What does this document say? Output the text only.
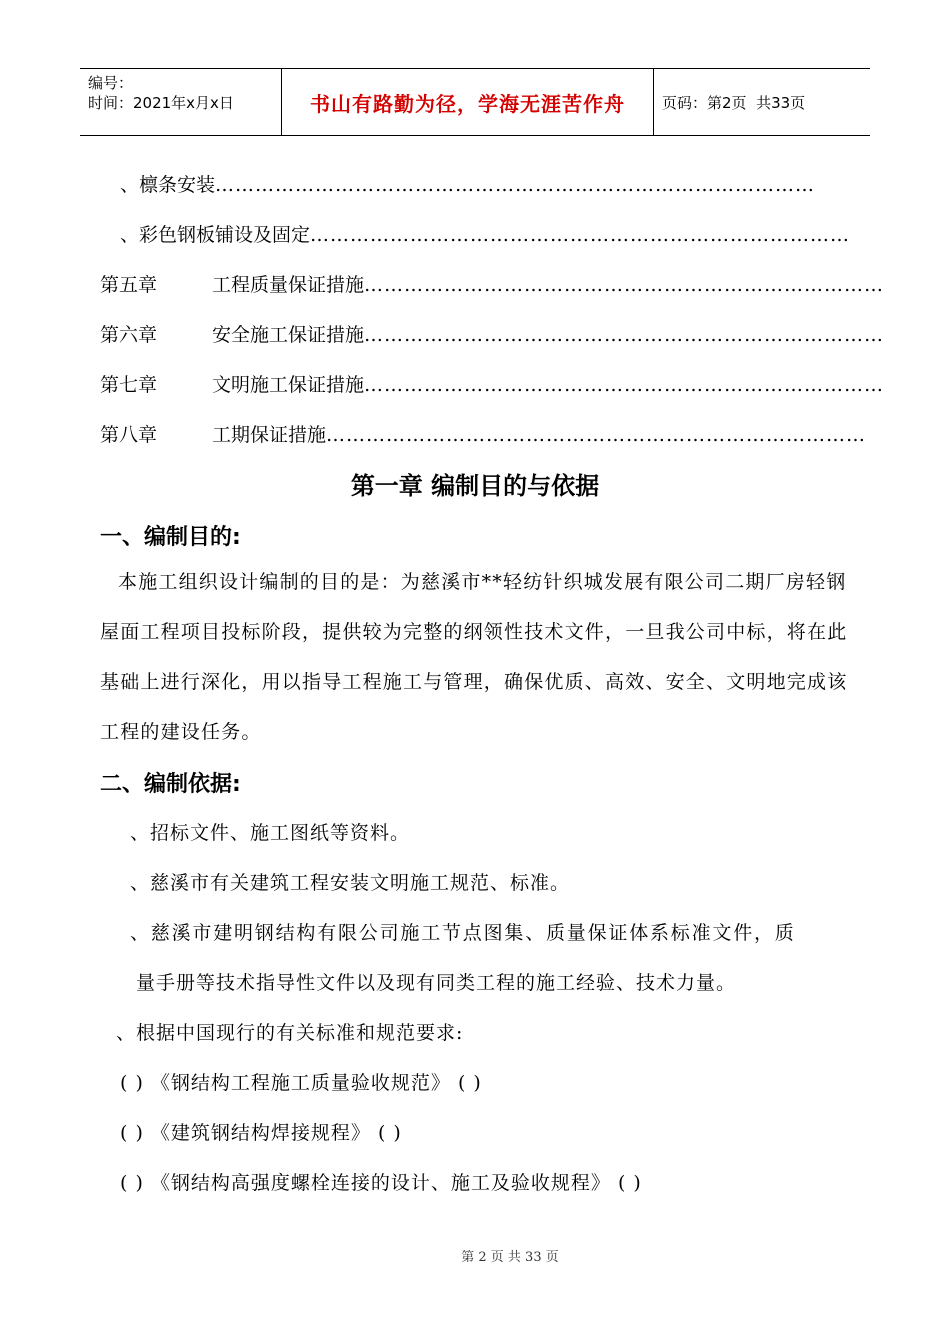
编号：
时间：2021年x月x日	书山有路勤为径，学海无涯苦作舟	页码：第2页  共33页
、檩条安装………………………………………………………………………………
、彩色钢板铺设及固定………………………………………………………………………
第五章	工程质量保证措施……………………………………………………………………
第六章	安全施工保证措施……………………………………………………………………
第七章	文明施工保证措施……………………………………………………………………
第八章	工期保证措施………………………………………………………………………
第一章 编制目的与依据
一、编制目的:
本施工组织设计编制的目的是：为慈溪市**轻纺针织城发展有限公司二期厂房轻钢屋面工程项目投标阶段，提供较为完整的纲领性技术文件，一旦我公司中标，将在此基础上进行深化，用以指导工程施工与管理，确保优质、高效、安全、文明地完成该工程的建设任务。
二、编制依据:
、招标文件、施工图纸等资料。
、慈溪市有关建筑工程安装文明施工规范、标准。
、慈溪市建明钢结构有限公司施工节点图集、质量保证体系标准文件，质
量手册等技术指导性文件以及现有同类工程的施工经验、技术力量。
、根据中国现行的有关标准和规范要求:
( ) 《钢结构工程施工质量验收规范》 ( )
( ) 《建筑钢结构焊接规程》 ( )
( ) 《钢结构高强度螺栓连接的设计、施工及验收规程》 ( )
第 2 页 共 33 页
